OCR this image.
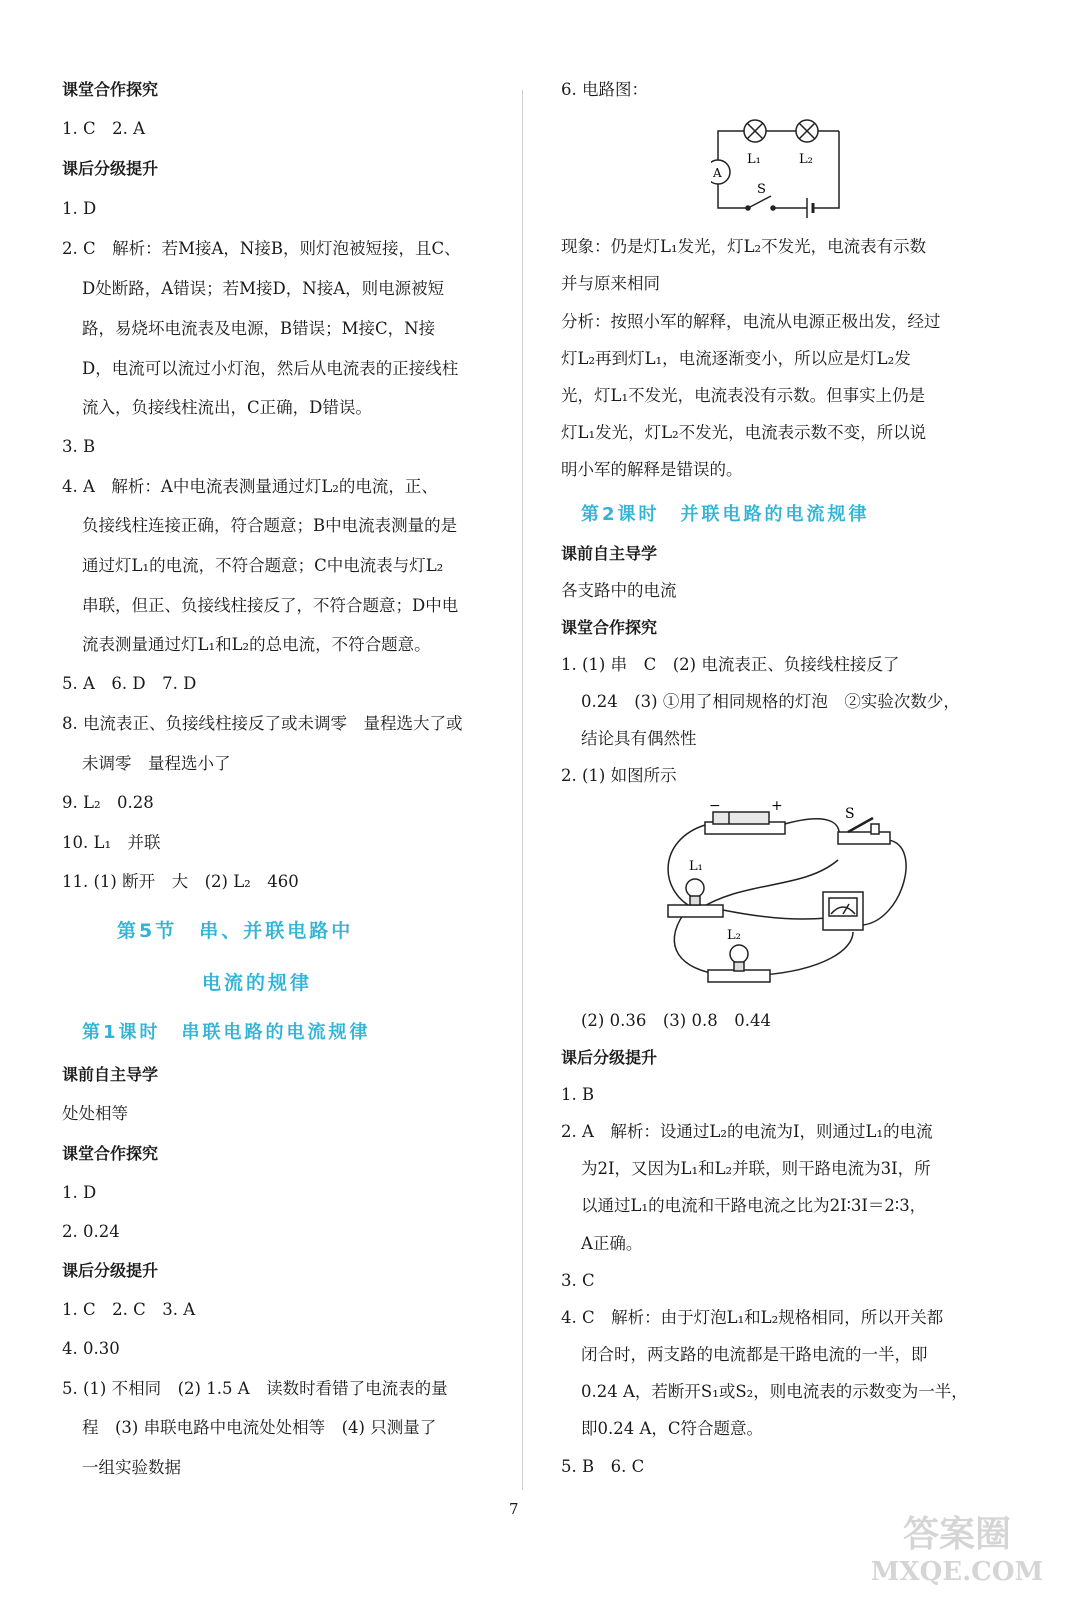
课堂合作探究
1. C　2. A
课后分级提升
1. D
2. C　解析：若M接A，N接B，则灯泡被短接，且C、
D处断路，A错误；若M接D，N接A，则电源被短
路，易烧坏电流表及电源，B错误；M接C，N接
D，电流可以流过小灯泡，然后从电流表的正接线柱
流入，负接线柱流出，C正确，D错误。
3. B
4. A　解析：A中电流表测量通过灯L₂的电流，正、
负接线柱连接正确，符合题意；B中电流表测量的是
通过灯L₁的电流，不符合题意；C中电流表与灯L₂
串联，但正、负接线柱接反了，不符合题意；D中电
流表测量通过灯L₁和L₂的总电流，不符合题意。
5. A　6. D　7. D
8. 电流表正、负接线柱接反了或未调零　量程选大了或
未调零　量程选小了
9. L₂　0.28
10. L₁　并联
11. (1) 断开　大　(2) L₂　460
第5节　串、并联电路中
电流的规律
第1课时　串联电路的电流规律
课前自主导学
处处相等
课堂合作探究
1. D
2. 0.24
课后分级提升
1. C　2. C　3. A
4. 0.30
5. (1) 不相同　(2) 1.5 A　读数时看错了电流表的量
程　(3) 串联电路中电流处处相等　(4) 只测量了
一组实验数据
6. 电路图：
L₁	L₂
A
S
现象：仍是灯L₁发光，灯L₂不发光，电流表有示数
并与原来相同
分析：按照小军的解释，电流从电源正极出发，经过
灯L₂再到灯L₁，电流逐渐变小，所以应是灯L₂发
光，灯L₁不发光，电流表没有示数。但事实上仍是
灯L₁发光，灯L₂不发光，电流表示数不变，所以说
明小军的解释是错误的。
第2课时　并联电路的电流规律
课前自主导学
各支路中的电流
课堂合作探究
1. (1) 串　C　(2) 电流表正、负接线柱接反了
0.24　(3) ①用了相同规格的灯泡　②实验次数少，
结论具有偶然性
2. (1) 如图所示
−	+	S
L₁
L₂
(2) 0.36　(3) 0.8　0.44
课后分级提升
1. B
2. A　解析：设通过L₂的电流为I，则通过L₁的电流
为2I，又因为L₁和L₂并联，则干路电流为3I，所
以通过L₁的电流和干路电流之比为2I∶3I＝2∶3，
A正确。
3. C
4. C　解析：由于灯泡L₁和L₂规格相同，所以开关都
闭合时，两支路的电流都是干路电流的一半，即
0.24 A，若断开S₁或S₂，则电流表的示数变为一半，
即0.24 A，C符合题意。
5. B　6. C
7
答案圈
MXQE.COM
